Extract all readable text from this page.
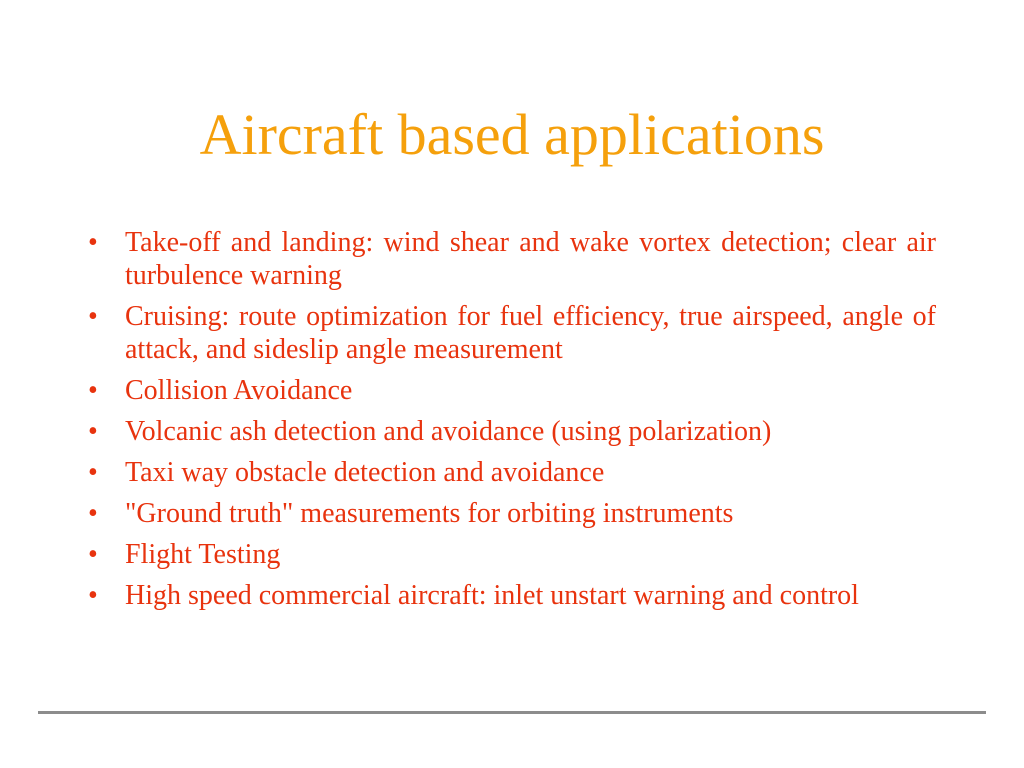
Aircraft based applications
• Take-off and landing: wind shear and wake vortex detection; clear air turbulence warning
• Cruising: route optimization for fuel efficiency, true airspeed, angle of attack, and sideslip angle measurement
• Collision Avoidance
• Volcanic ash detection and avoidance (using polarization)
• Taxi way obstacle detection and avoidance
• "Ground truth" measurements for orbiting instruments
• Flight Testing
• High speed commercial aircraft: inlet unstart warning and control
